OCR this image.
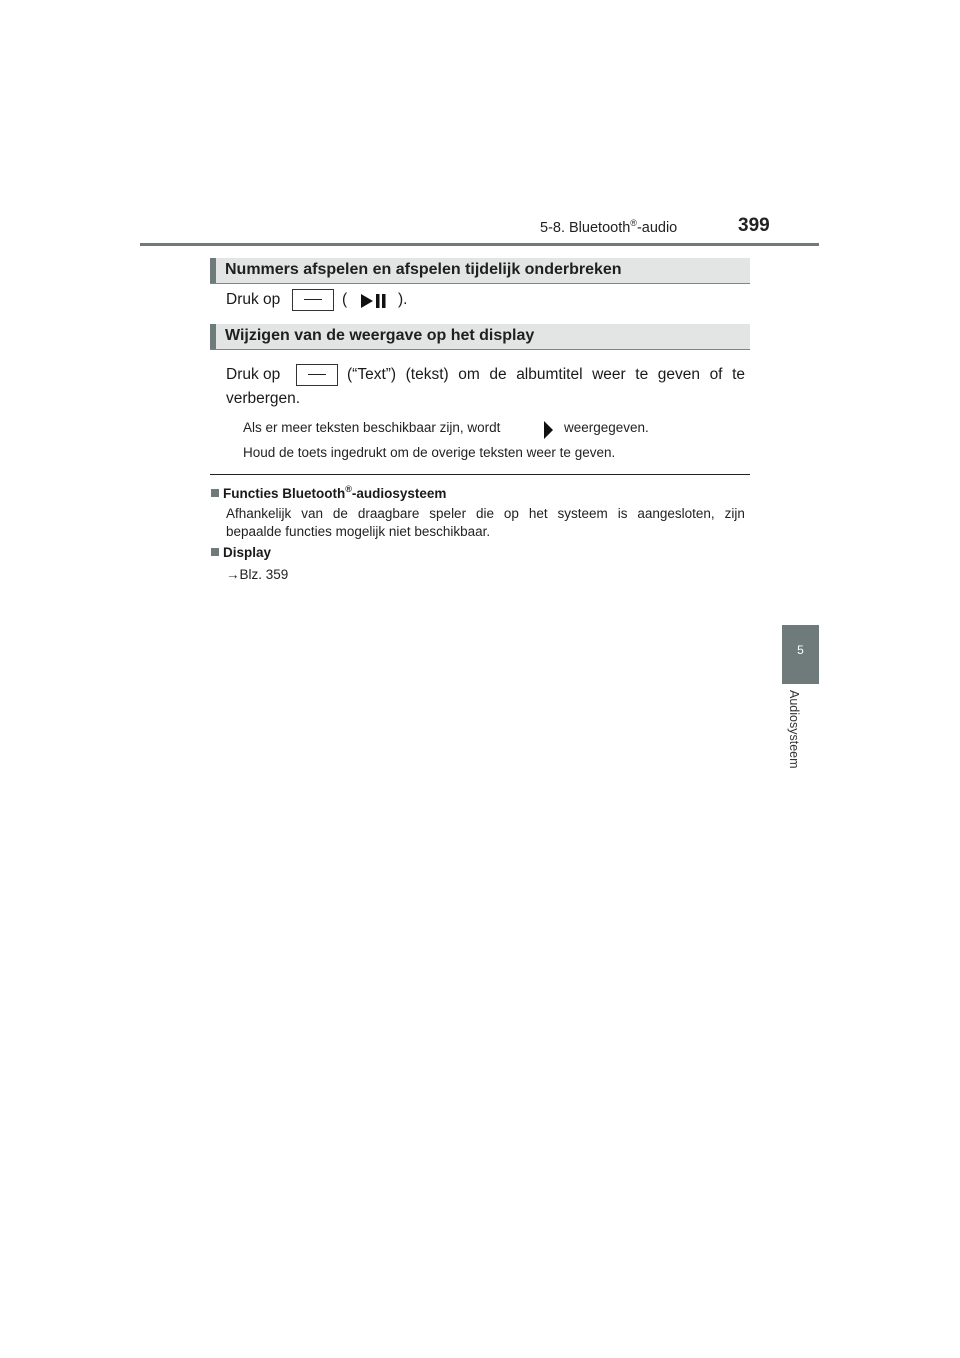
5-8. Bluetooth®-audio	399
5
Audiosysteem
Nummers afspelen en afspelen tijdelijk onderbreken
Druk op	(	).
Wijzigen van de weergave op het display
Druk op	(“Text”) (tekst) om de albumtitel weer te geven of te
verbergen.
Als er meer teksten beschikbaar zijn, wordt	weergegeven.
Houd de toets ingedrukt om de overige teksten weer te geven.
Functies Bluetooth®-audiosysteem
Afhankelijk van de draagbare speler die op het systeem is aangesloten, zijn
bepaalde functies mogelijk niet beschikbaar.
Display
→Blz. 359
